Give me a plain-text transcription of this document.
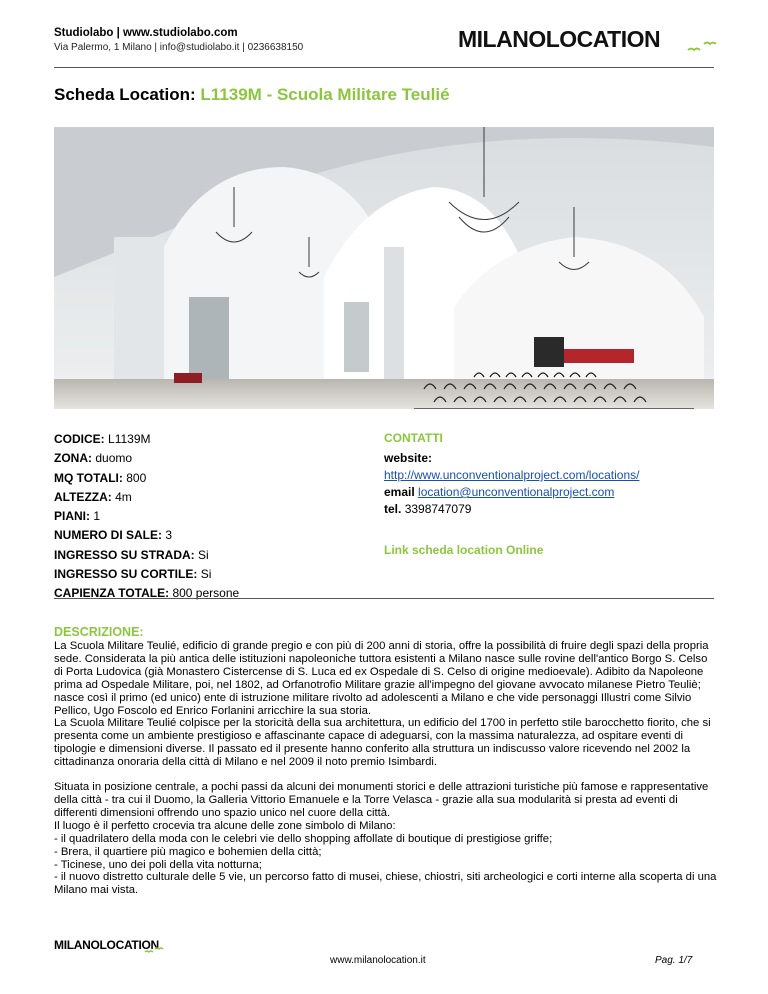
Studiolabo | www.studiolabo.com
Via Palermo, 1 Milano | info@studiolabo.it | 0236638150	MILANOLOCATION
Scheda Location: L1139M - Scuola Militare Teulié
CODICE: L1139M
ZONA: duomo
MQ TOTALI: 800
ALTEZZA: 4m
PIANI: 1
NUMERO DI SALE: 3
INGRESSO SU STRADA: Si
INGRESSO SU CORTILE: Si
CAPIENZA TOTALE: 800 persone
CONTATTI
website:
http://www.unconventionalproject.com/locations/
email location@unconventionalproject.com
tel. 3398747079
Link scheda location Online
DESCRIZIONE:

La Scuola Militare Teulié, edificio di grande pregio e con più di 200 anni di storia, offre la possibilità di fruire degli spazi della propria sede. Considerata la più antica delle istituzioni napoleoniche tuttora esistenti a Milano nasce sulle rovine dell'antico Borgo S. Celso di Porta Ludovica (già Monastero Cistercense di S. Luca ed ex Ospedale di S. Celso di origine medioevale). Adibito da Napoleone prima ad Ospedale Militare, poi, nel 1802, ad Orfanotrofio Militare grazie all'impegno del giovane avvocato milanese Pietro Teuliè; nasce così il primo (ed unico) ente di istruzione militare rivolto ad adolescenti a Milano e che vide personaggi Illustri come Silvio Pellico, Ugo Foscolo ed Enrico Forlanini arricchire la sua storia.

La Scuola Militare Teulié colpisce per la storicità della sua architettura, un edificio del 1700 in perfetto stile barocchetto fiorito, che si presenta come un ambiente prestigioso e affascinante capace di adeguarsi, con la massima naturalezza, ad ospitare eventi di tipologie e dimensioni diverse. Il passato ed il presente hanno conferito alla struttura un indiscusso valore ricevendo nel 2002 la cittadinanza onoraria della città di Milano e nel 2009 il noto premio Isimbardi.

Situata in posizione centrale, a pochi passi da alcuni dei monumenti storici e delle attrazioni turistiche più famose e rappresentative della città - tra cui il Duomo, la Galleria Vittorio Emanuele e la Torre Velasca - grazie alla sua modularità si presta ad eventi di differenti dimensioni offrendo uno spazio unico nel cuore della città.

Il luogo è il perfetto crocevia tra alcune delle zone simbolo di Milano:

- il quadrilatero della moda con le celebri vie dello shopping affollate di boutique di prestigiose griffe;

- Brera, il quartiere più magico e bohemien della città;

- Ticinese, uno dei poli della vita notturna;

- il nuovo distretto culturale delle 5 vie, un percorso fatto di musei, chiese, chiostri, siti archeologici e corti interne alla scoperta di una Milano mai vista.

MILANOLOCATION
www.milanolocation.it	Pag. 1/7
